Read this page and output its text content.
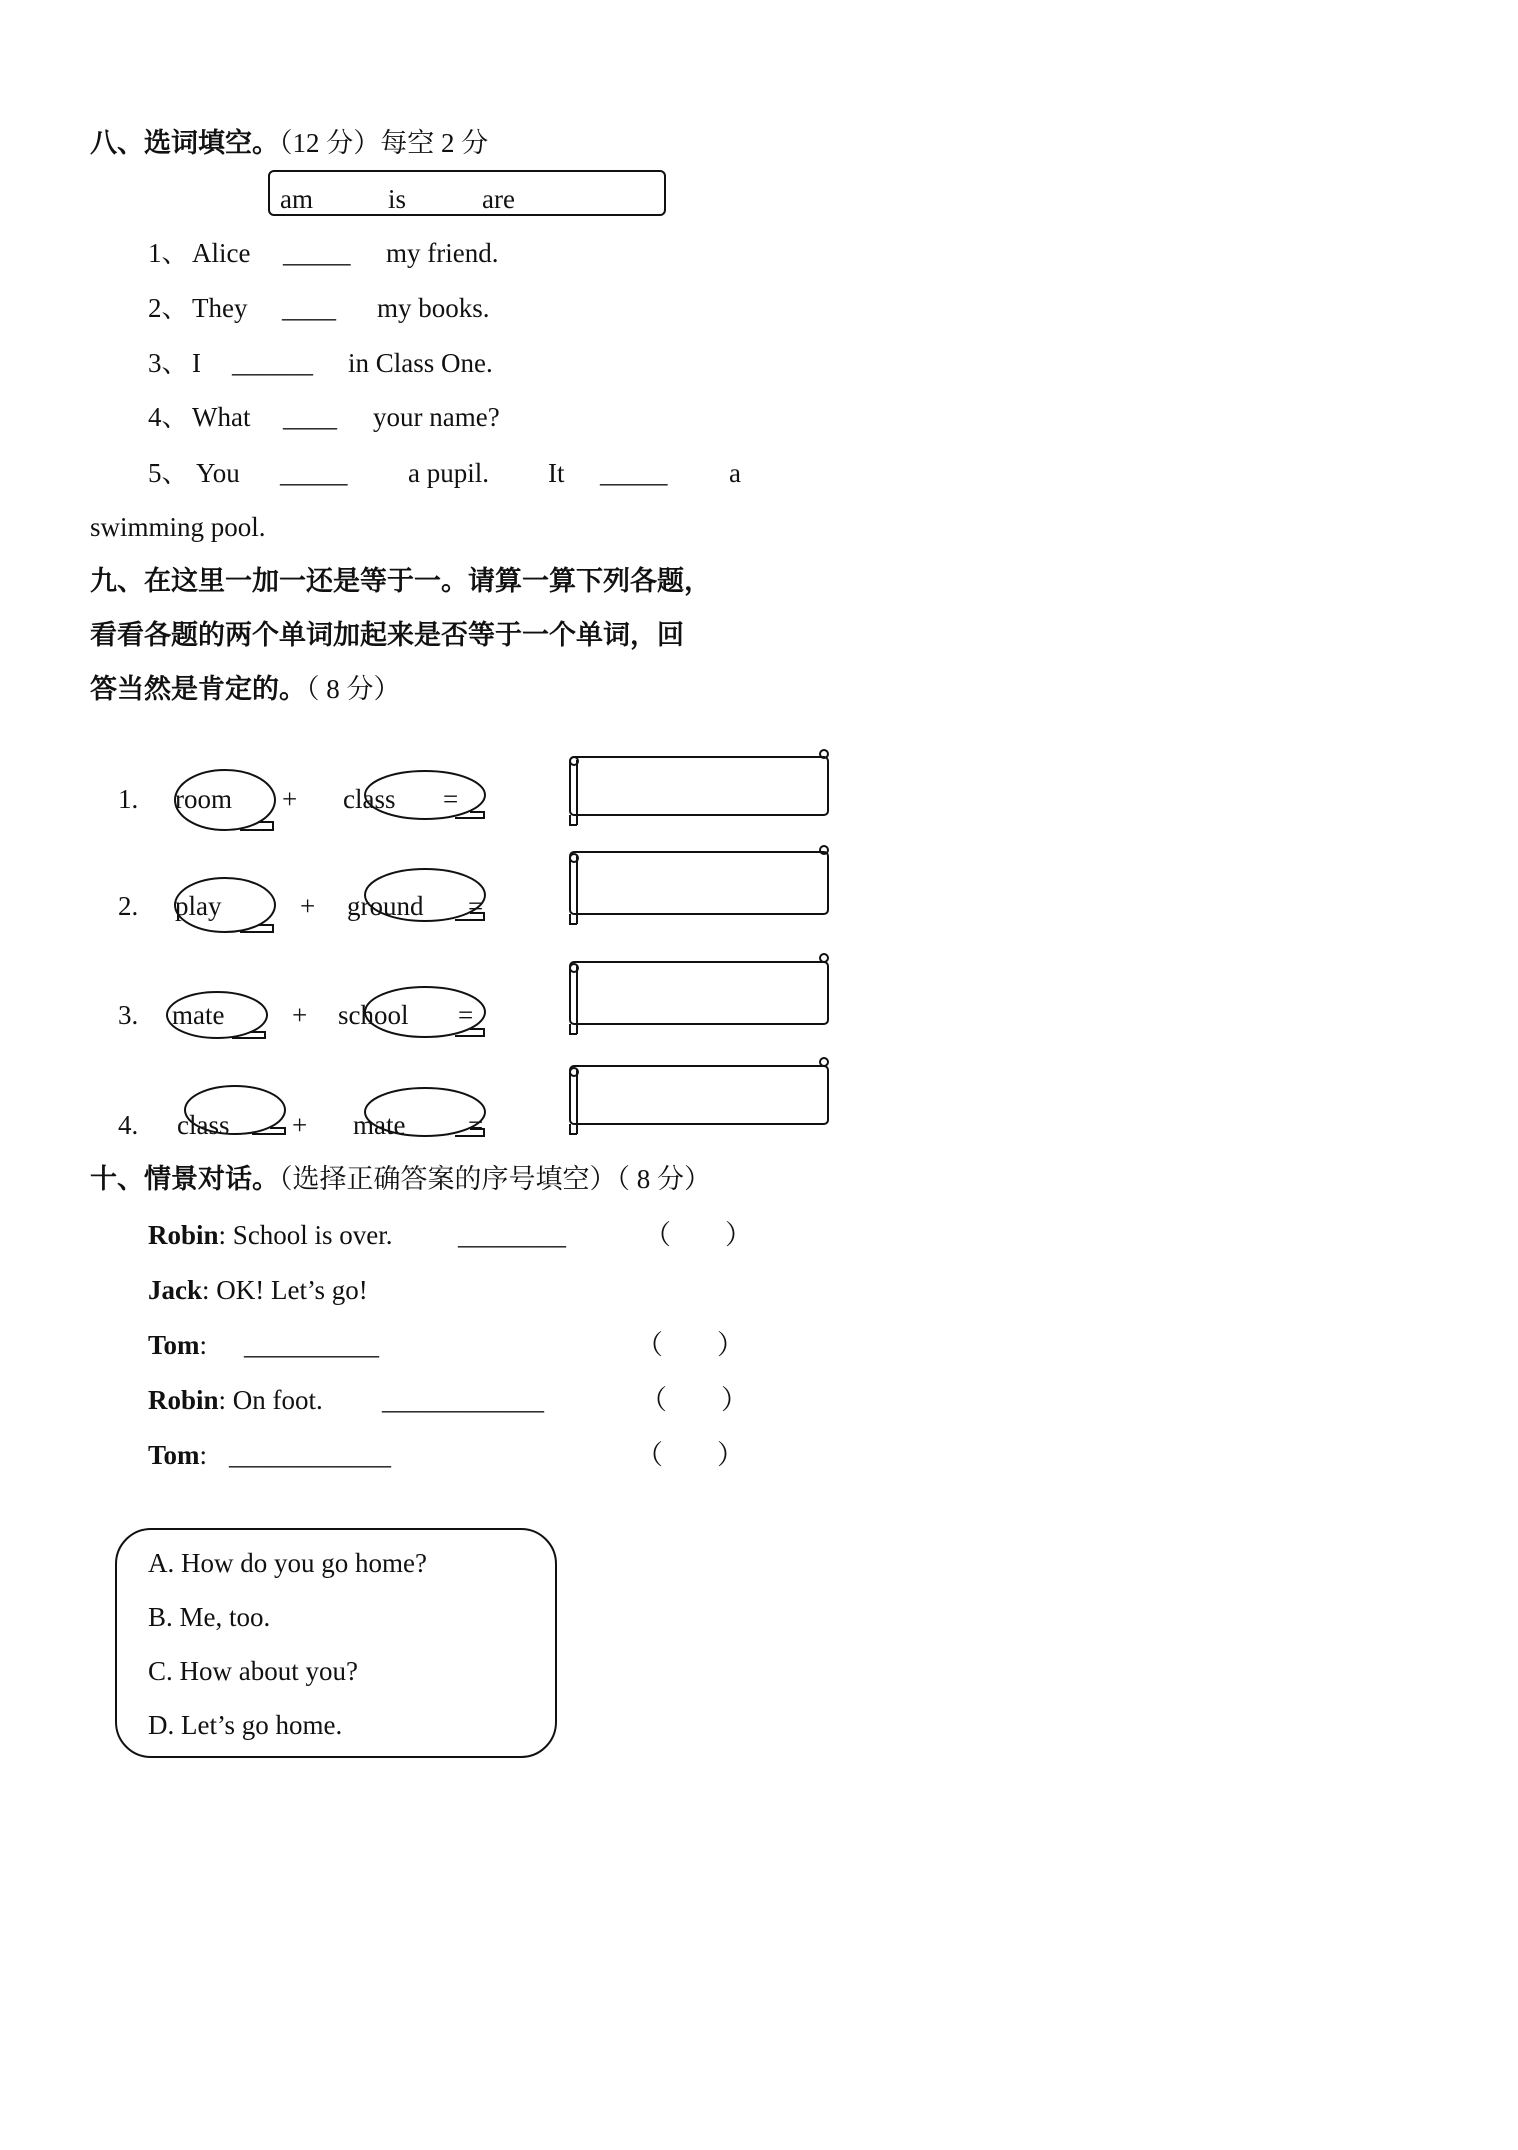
八、选词填空。（12 分）每空 2 分
am	is	are
1、 Alice _____ my friend.
2、 They ____ my books.
3、 I ______ in Class One.
4、 What ____ your name?
5、 You _____ a pupil. It _____ a
swimming pool.
九、在这里一加一还是等于一。请算一算下列各题，
看看各题的两个单词加起来是否等于一个单词，回
答当然是肯定的。（ 8 分）
1. room + class =
2. play	+ ground =
3. mate	+ school =
4. class + mate =
十、情景对话。（选择正确答案的序号填空）（ 8 分）
Robin: School is over. ________	（        ）
Jack: OK! Let’s go!
Tom: __________	（        ）
Robin: On foot. ____________	（        ）
Tom: ____________	（        ）
A. How do you go home?
B. Me, too.
C. How about you?
D. Let’s go home.
